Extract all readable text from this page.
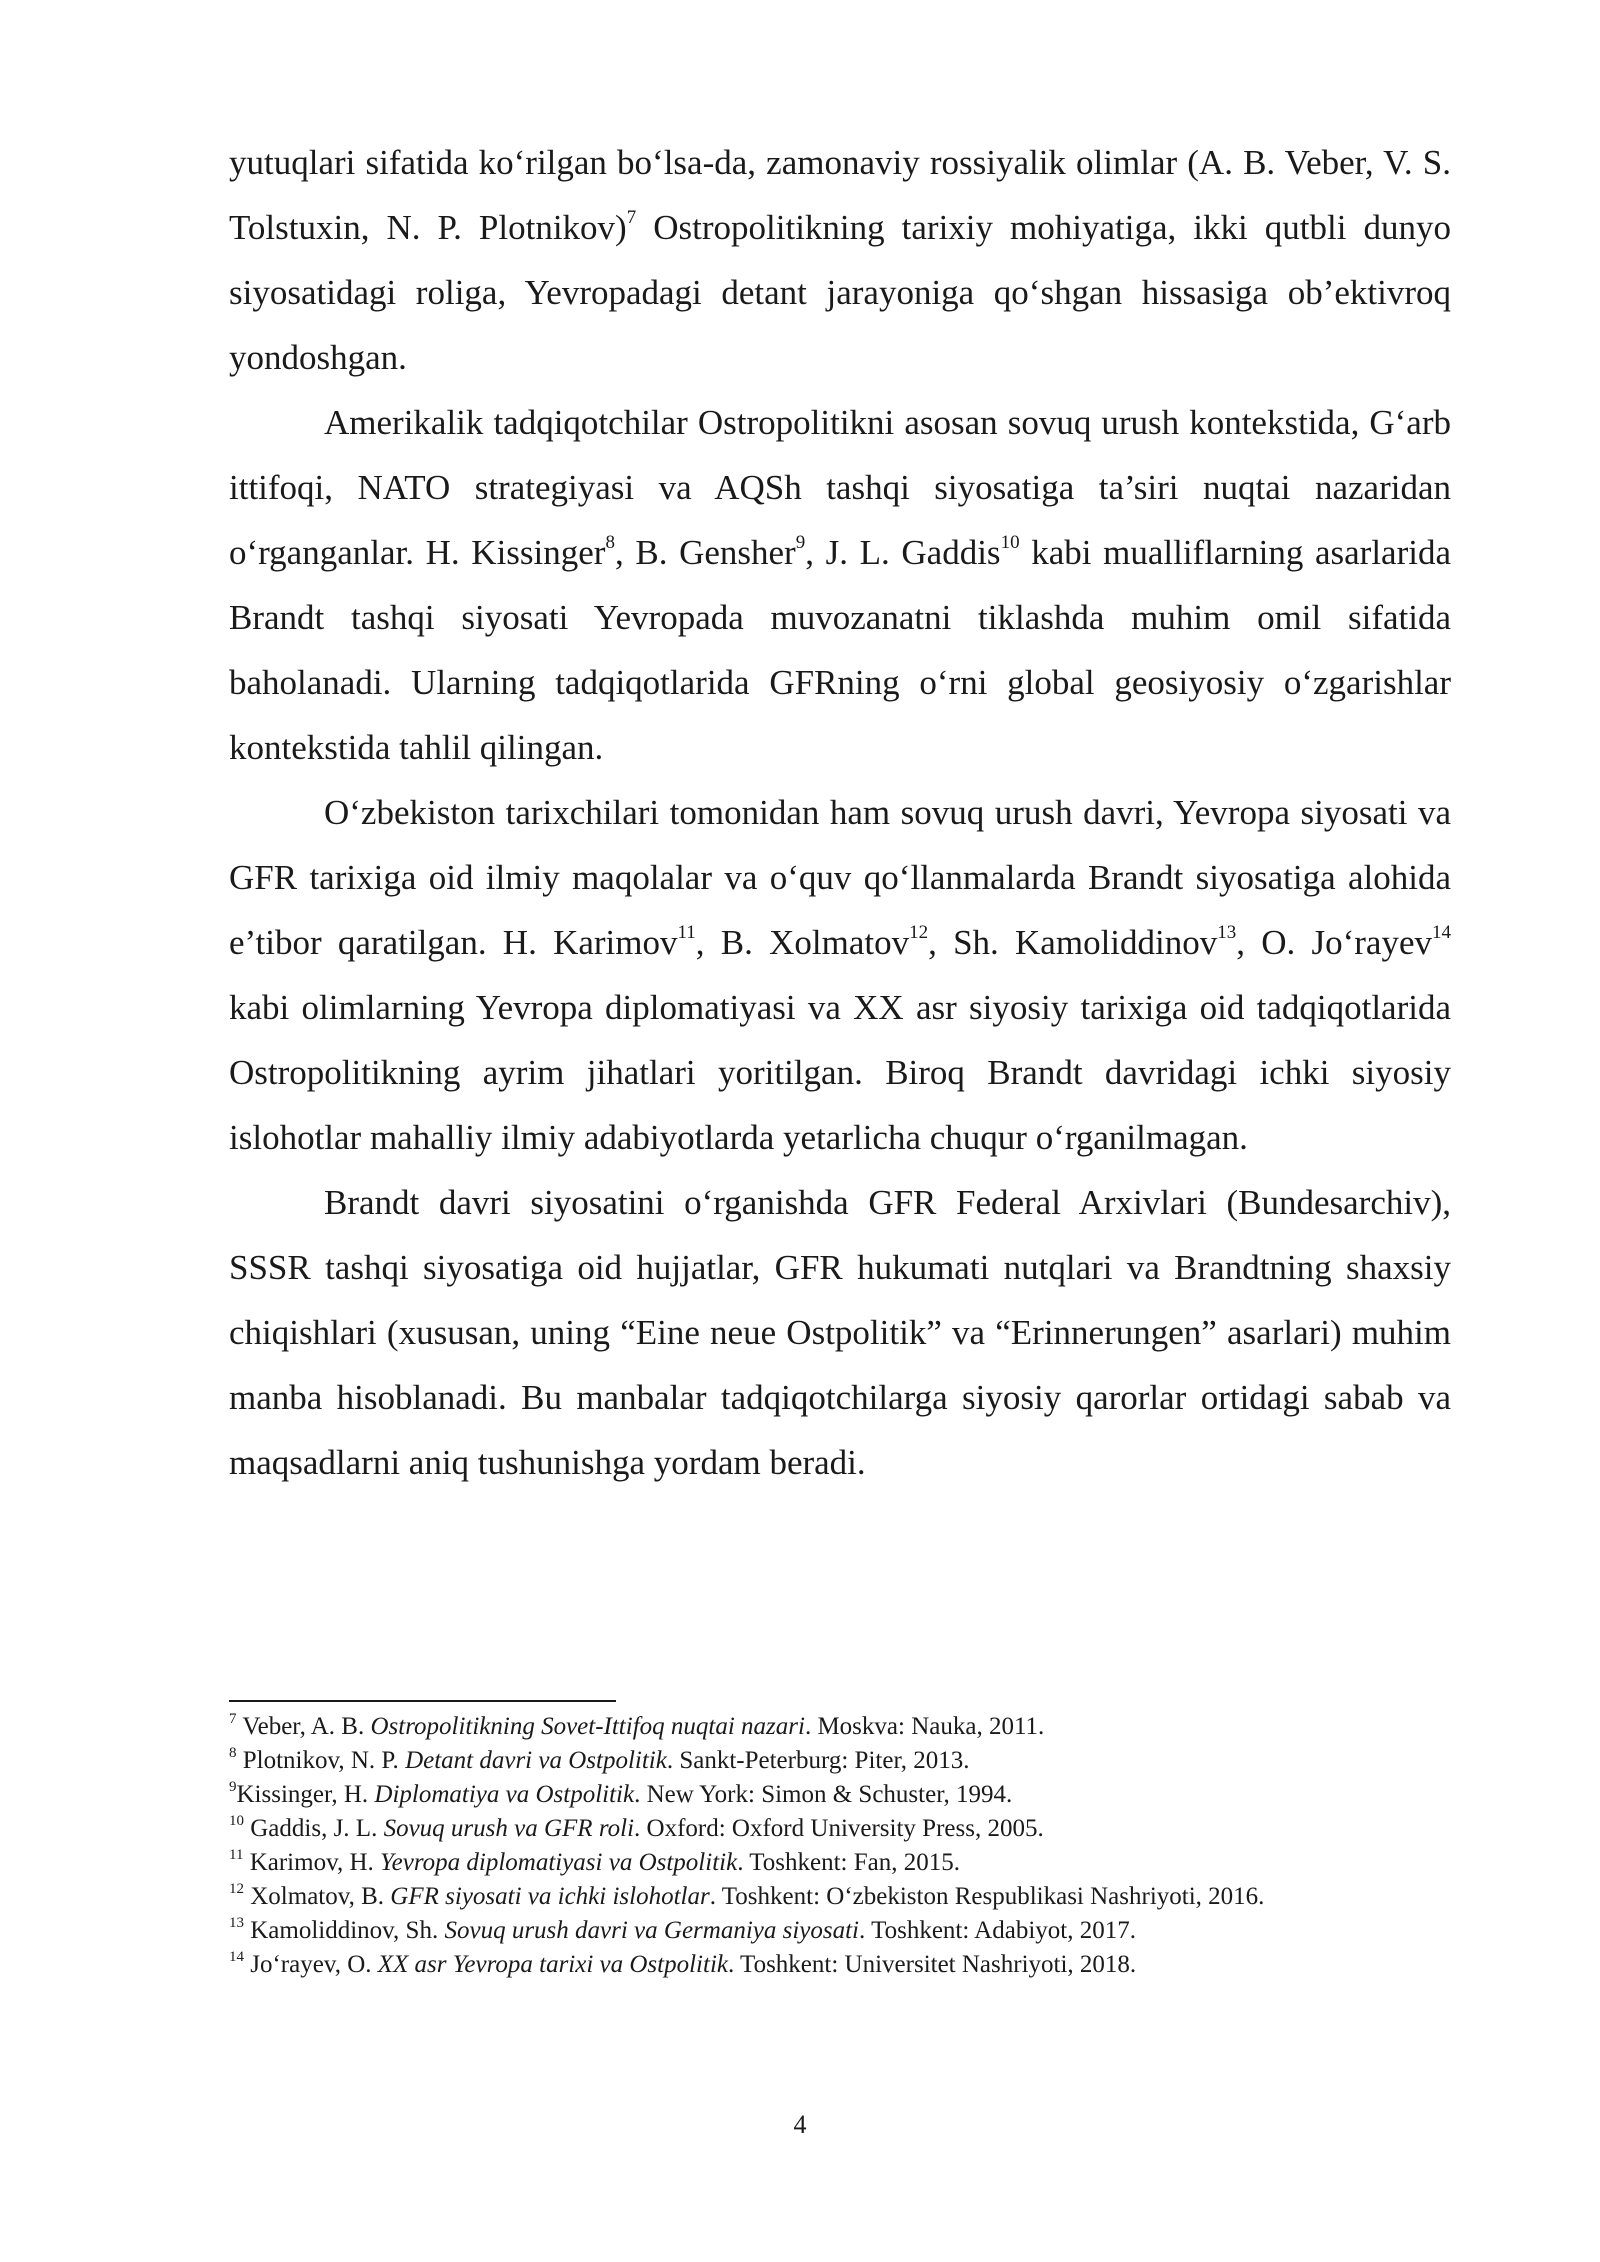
yutuqlari sifatida ko‘rilgan bo‘lsa-da, zamonaviy rossiyalik olimlar (A. B. Veber, V. S. Tolstuxin, N. P. Plotnikov)$^7$ Ostropolitikning tarixiy mohiyatiga, ikki qutbli dunyo siyosatidagi roliga, Yevropadagi detant jarayoniga qo‘shgan hissasiga ob’ektivroq yondoshgan.

Amerikalik tadqiqotchilar Ostropolitikni asosan sovuq urush kontekstida, G‘arb ittifoqi, NATO strategiyasi va AQSh tashqi siyosatiga ta’siri nuqtai nazaridan o‘rganganlar. H. Kissinger$^8$, B. Gensher$^9$, J. L. Gaddis$^{10}$ kabi mualliflarning asarlarida Brandt tashqi siyosati Yevropada muvozanatni tiklashda muhim omil sifatida baholanadi. Ularning tadqiqotlarida GFRning o‘rni global geosiyosiy o‘zgarishlar kontekstida tahlil qilingan.

O‘zbekiston tarixchilari tomonidan ham sovuq urush davri, Yevropa siyosati va GFR tarixiga oid ilmiy maqolalar va o‘quv qo‘llanmalarda Brandt siyosatiga alohida e’tibor qaratilgan. H. Karimov$^{11}$, B. Xolmatov$^{12}$, Sh. Kamoliddinov$^{13}$, O. Jo‘rayev$^{14}$ kabi olimlarning Yevropa diplomatiyasi va XX asr siyosiy tarixiga oid tadqiqotlarida Ostropolitikning ayrim jihatlari yoritilgan. Biroq Brandt davridagi ichki siyosiy islohotlar mahalliy ilmiy adabiyotlarda yetarlicha chuqur o‘rganilmagan.

Brandt davri siyosatini o‘rganishda GFR Federal Arxivlari (Bundesarchiv), SSSR tashqi siyosatiga oid hujjatlar, GFR hukumati nutqlari va Brandtning shaxsiy chiqishlari (xususan, uning “Eine neue Ostpolitik” va “Erinnerungen” asarlari) muhim manba hisoblanadi. Bu manbalar tadqiqotchilarga siyosiy qarorlar ortidagi sabab va maqsadlarni aniq tushunishga yordam beradi.

$^7$ Veber, A. B. Ostropolitikning Sovet-Ittifoq nuqtai nazari. Moskva: Nauka, 2011.
$^8$ Plotnikov, N. P. Detant davri va Ostpolitik. Sankt-Peterburg: Piter, 2013.
$^9$Kissinger, H. Diplomatiya va Ostpolitik. New York: Simon & Schuster, 1994.
$^{10}$ Gaddis, J. L. Sovuq urush va GFR roli. Oxford: Oxford University Press, 2005.
$^{11}$ Karimov, H. Yevropa diplomatiyasi va Ostpolitik. Toshkent: Fan, 2015.
$^{12}$ Xolmatov, B. GFR siyosati va ichki islohotlar. Toshkent: O‘zbekiston Respublikasi Nashriyoti, 2016.
$^{13}$ Kamoliddinov, Sh. Sovuq urush davri va Germaniya siyosati. Toshkent: Adabiyot, 2017.
$^{14}$ Jo‘rayev, O. XX asr Yevropa tarixi va Ostpolitik. Toshkent: Universitet Nashriyoti, 2018.
4
